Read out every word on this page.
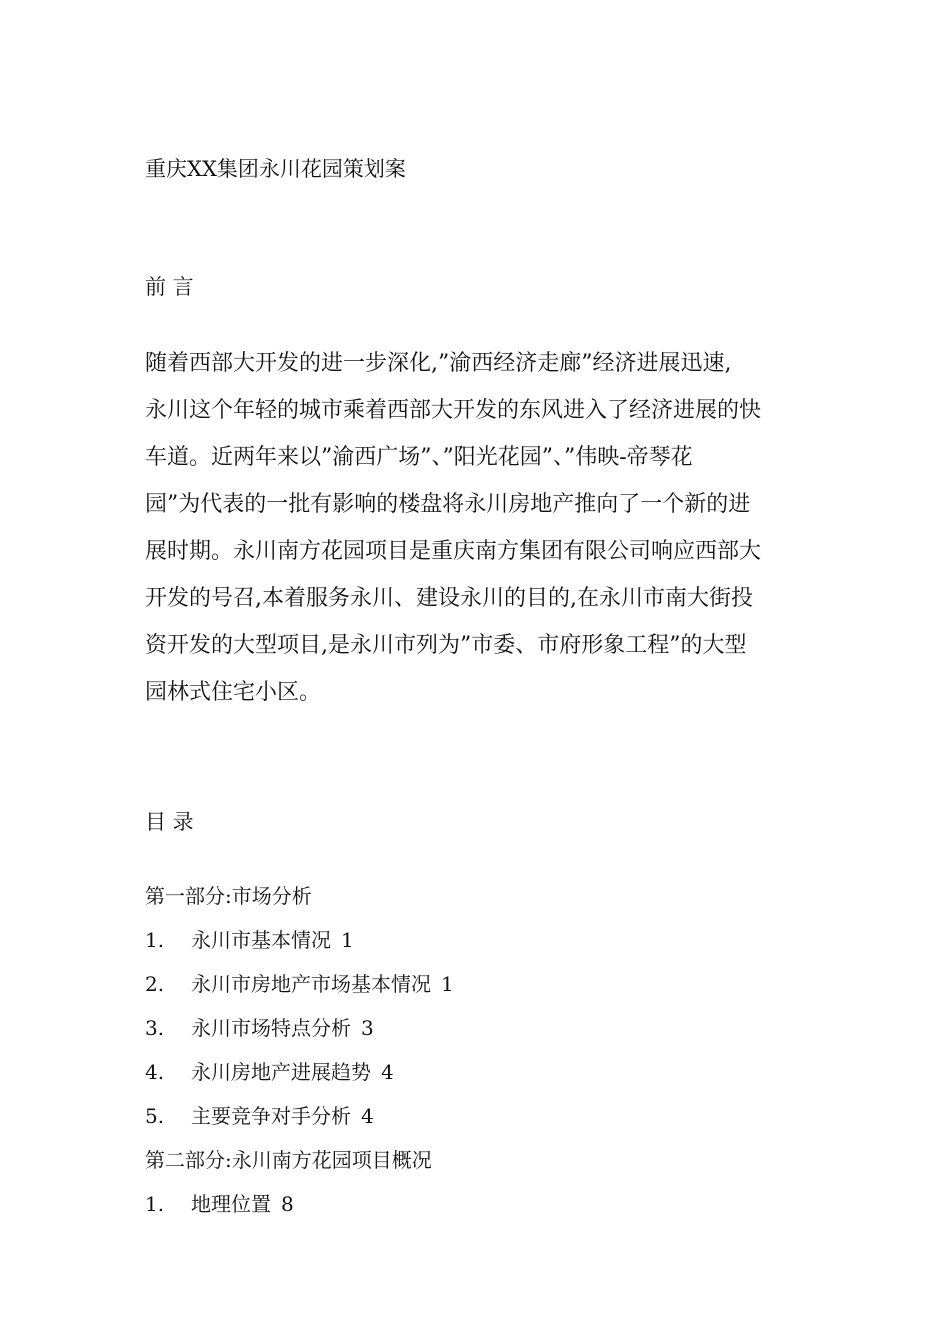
重庆XX集团永川花园策划案
前 言
随着西部大开发的进一步深化,”渝西经济走廊”经济进展迅速,
永川这个年轻的城市乘着西部大开发的东风进入了经济进展的快
车道。近两年来以”渝西广场”、”阳光花园”、”伟映-帝琴花
园”为代表的一批有影响的楼盘将永川房地产推向了一个新的进
展时期。永川南方花园项目是重庆南方集团有限公司响应西部大
开发的号召,本着服务永川、建设永川的目的,在永川市南大街投
资开发的大型项目,是永川市列为”市委、市府形象工程”的大型
园林式住宅小区。
目 录
第一部分:市场分析
1.	永川市基本情况 1
2.	永川市房地产市场基本情况 1
3.	永川市场特点分析 3
4.	永川房地产进展趋势 4
5.	主要竞争对手分析 4
第二部分:永川南方花园项目概况
1.	地理位置 8
